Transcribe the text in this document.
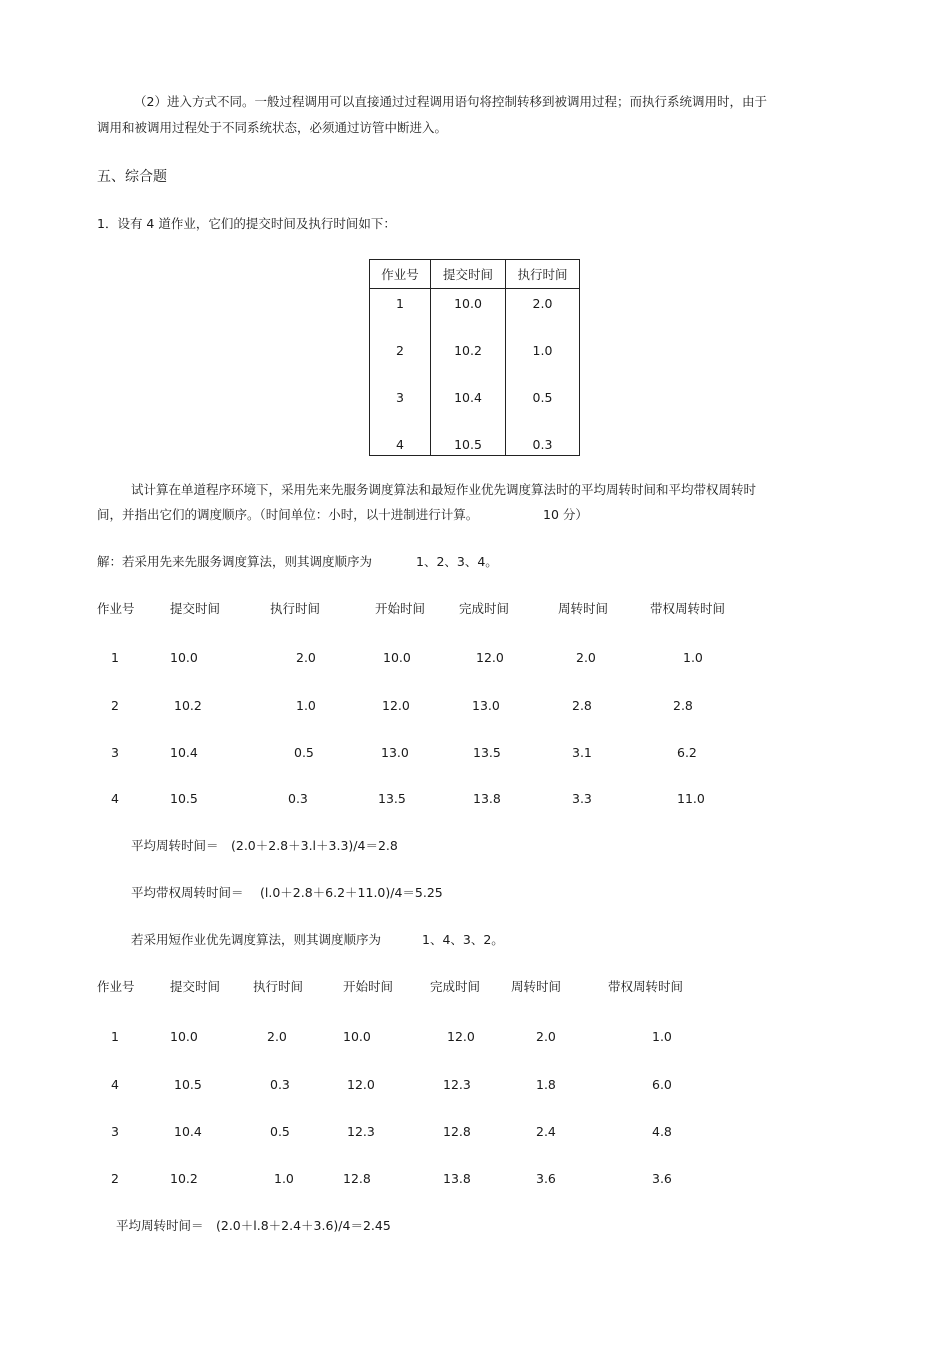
（2）进入方式不同。一般过程调用可以直接通过过程调用语句将控制转移到被调用过程；而执行系统调用时，由于
调用和被调用过程处于不同系统状态，必须通过访管中断进入。
五、综合题
1．设有 4 道作业，它们的提交时间及执行时间如下：
作业号	提交时间	执行时间
1	10.0	2.0
2	10.2	1.0
3	10.4	0.5
4	10.5	0.3
试计算在单道程序环境下，采用先来先服务调度算法和最短作业优先调度算法时的平均周转时间和平均带权周转时
间，并指出它们的调度顺序。（时间单位：小时，以十进制进行计算。	10 分）
解：若采用先来先服务调度算法，则其调度顺序为	1、2、3、4。
作业号	提交时间	执行时间	开始时间	完成时间	周转时间	带权周转时间
1	10.0	2.0	10.0	12.0	2.0	1.0
2	10.2	1.0	12.0	13.0	2.8	2.8
3	10.4	0.5	13.0	13.5	3.1	6.2
4	10.5	0.3	13.5	13.8	3.3	11.0
平均周转时间＝ (2.0＋2.8＋3.l＋3.3)/4＝2.8
平均带权周转时间＝ (l.0＋2.8＋6.2＋11.0)/4＝5.25
若采用短作业优先调度算法，则其调度顺序为	1、4、3、2。
作业号	提交时间	执行时间	开始时间	完成时间 周转时间	带权周转时间
1	10.0	2.0	10.0	12.0	2.0	1.0
4	10.5	0.3	12.0	12.3	1.8	6.0
3	10.4	0.5	12.3	12.8	2.4	4.8
2	10.2	1.0	12.8	13.8	3.6	3.6
平均周转时间＝ (2.0＋l.8＋2.4＋3.6)/4＝2.45
